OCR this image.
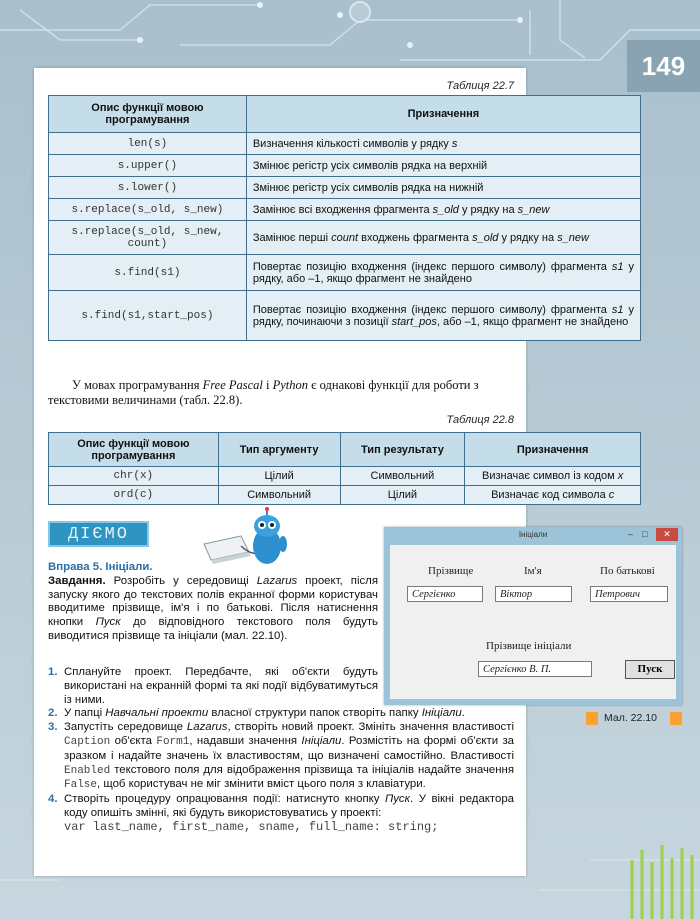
149
Таблиця 22.7
Опис функції мовою програмування	Призначення
len(s)	Визначення кількості символів у рядку s
s.upper()	Змінює регістр усіх символів рядка на верхній
s.lower()	Змінює регістр усіх символів рядка на нижній
s.replace(s_old, s_new)	Замінює всі входження фрагмента s_old у рядку на s_new
s.replace(s_old, s_new,
count)	Замінює перші count входжень фрагмента s_old у рядку на s_new
s.find(s1)	Повертає позицію входження (індекс першого символу) фрагмента s1 у рядку, або –1, якщо фрагмент не знайдено
s.find(s1,start_pos)	Повертає позицію входження (індекс першого символу) фрагмента s1 у рядку, починаючи з позиції start_pos, або –1, якщо фрагмент не знайдено
У мовах програмування Free Pascal і Python є однакові функції для роботи з текстовими величинами (табл. 22.8).
Таблиця 22.8
Опис функції мовою програмування	Тип аргументу	Тип результату	Призначення
chr(x)	Цілий	Символьний	Визначає символ із кодом x
ord(c)	Символьний	Цілий	Визначає код символа c
ДІЄМО

Вправа 5. Ініціали.

Завдання. Розробіть у середовищі Lazarus проект, після запуску якого до текстових полів екранної форми користувач вводитиме прізвище, ім'я і по батькові. Після натиснення кнопки Пуск до відповідного текстового поля будуть виводитися прізвище та ініціали (мал. 22.10).

1. Сплануйте проект. Передбачте, які об'єкти будуть використані на екранній формі та які події відбуватимуться із ними.
2. У папці Навчальні проекти власної структури папок створіть папку Ініціали.
3. Запустіть середовище Lazarus, створіть новий проект. Змініть значення властивості Caption об'єкта Form1, надавши значення Ініціали. Розмістіть на формі об'єкти за зразком і надайте значень їх властивостям, що визначені самостійно. Властивості Enabled текстового поля для відображення прізвища та ініціалів надайте значення False, щоб користувач не міг змінити вміст цього поля з клавіатури.
4. Створіть процедуру опрацювання події: натиснуто кнопку Пуск. У вікні редактора коду опишіть змінні, які будуть використовуватись у проекті:
var last_name, first_name, sname, full_name: string;
Ініціали	– □	✕
Прізвище	Ім'я	По батькові
Сергієнко	Віктор	Петрович
Прізвище ініціали
Сергієнко В. П.	Пуск
Мал. 22.10
